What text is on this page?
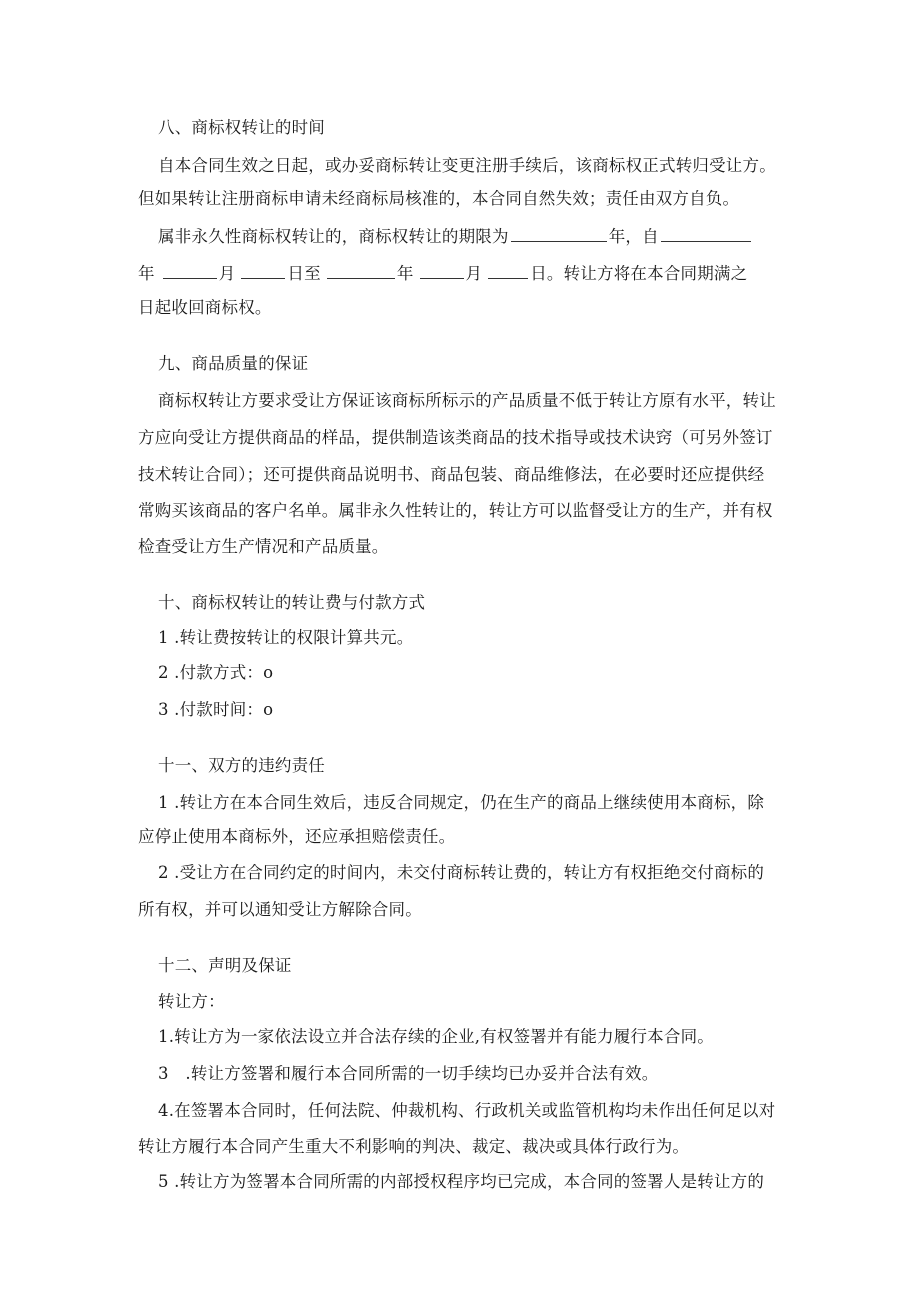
八、商标权转让的时间
自本合同生效之日起，或办妥商标转让变更注册手续后，该商标权正式转归受让方。
但如果转让注册商标申请未经商标局核准的，本合同自然失效；责任由双方自负。
属非永久性商标权转让的，商标权转让的期限为	年，自
年	月	日至	年	月	日。转让方将在本合同期满之
日起收回商标权。
九、商品质量的保证
商标权转让方要求受让方保证该商标所标示的产品质量不低于转让方原有水平，转让
方应向受让方提供商品的样品，提供制造该类商品的技术指导或技术诀窍（可另外签订
技术转让合同）；还可提供商品说明书、商品包装、商品维修法，在必要时还应提供经
常购买该商品的客户名单。属非永久性转让的，转让方可以监督受让方的生产，并有权
检查受让方生产情况和产品质量。
十、商标权转让的转让费与付款方式
1 .转让费按转让的权限计算共元。
2 .付款方式：o
3 .付款时间：o
十一、双方的违约责任
1 .转让方在本合同生效后，违反合同规定，仍在生产的商品上继续使用本商标，除
应停止使用本商标外，还应承担赔偿责任。
2 .受让方在合同约定的时间内，未交付商标转让费的，转让方有权拒绝交付商标的
所有权，并可以通知受让方解除合同。
十二、声明及保证
转让方：
1.转让方为一家依法设立并合法存续的企业,有权签署并有能力履行本合同。
3　.转让方签署和履行本合同所需的一切手续均已办妥并合法有效。
4.在签署本合同时，任何法院、仲裁机构、行政机关或监管机构均未作出任何足以对
转让方履行本合同产生重大不利影响的判决、裁定、裁决或具体行政行为。
5 .转让方为签署本合同所需的内部授权程序均已完成，本合同的签署人是转让方的
